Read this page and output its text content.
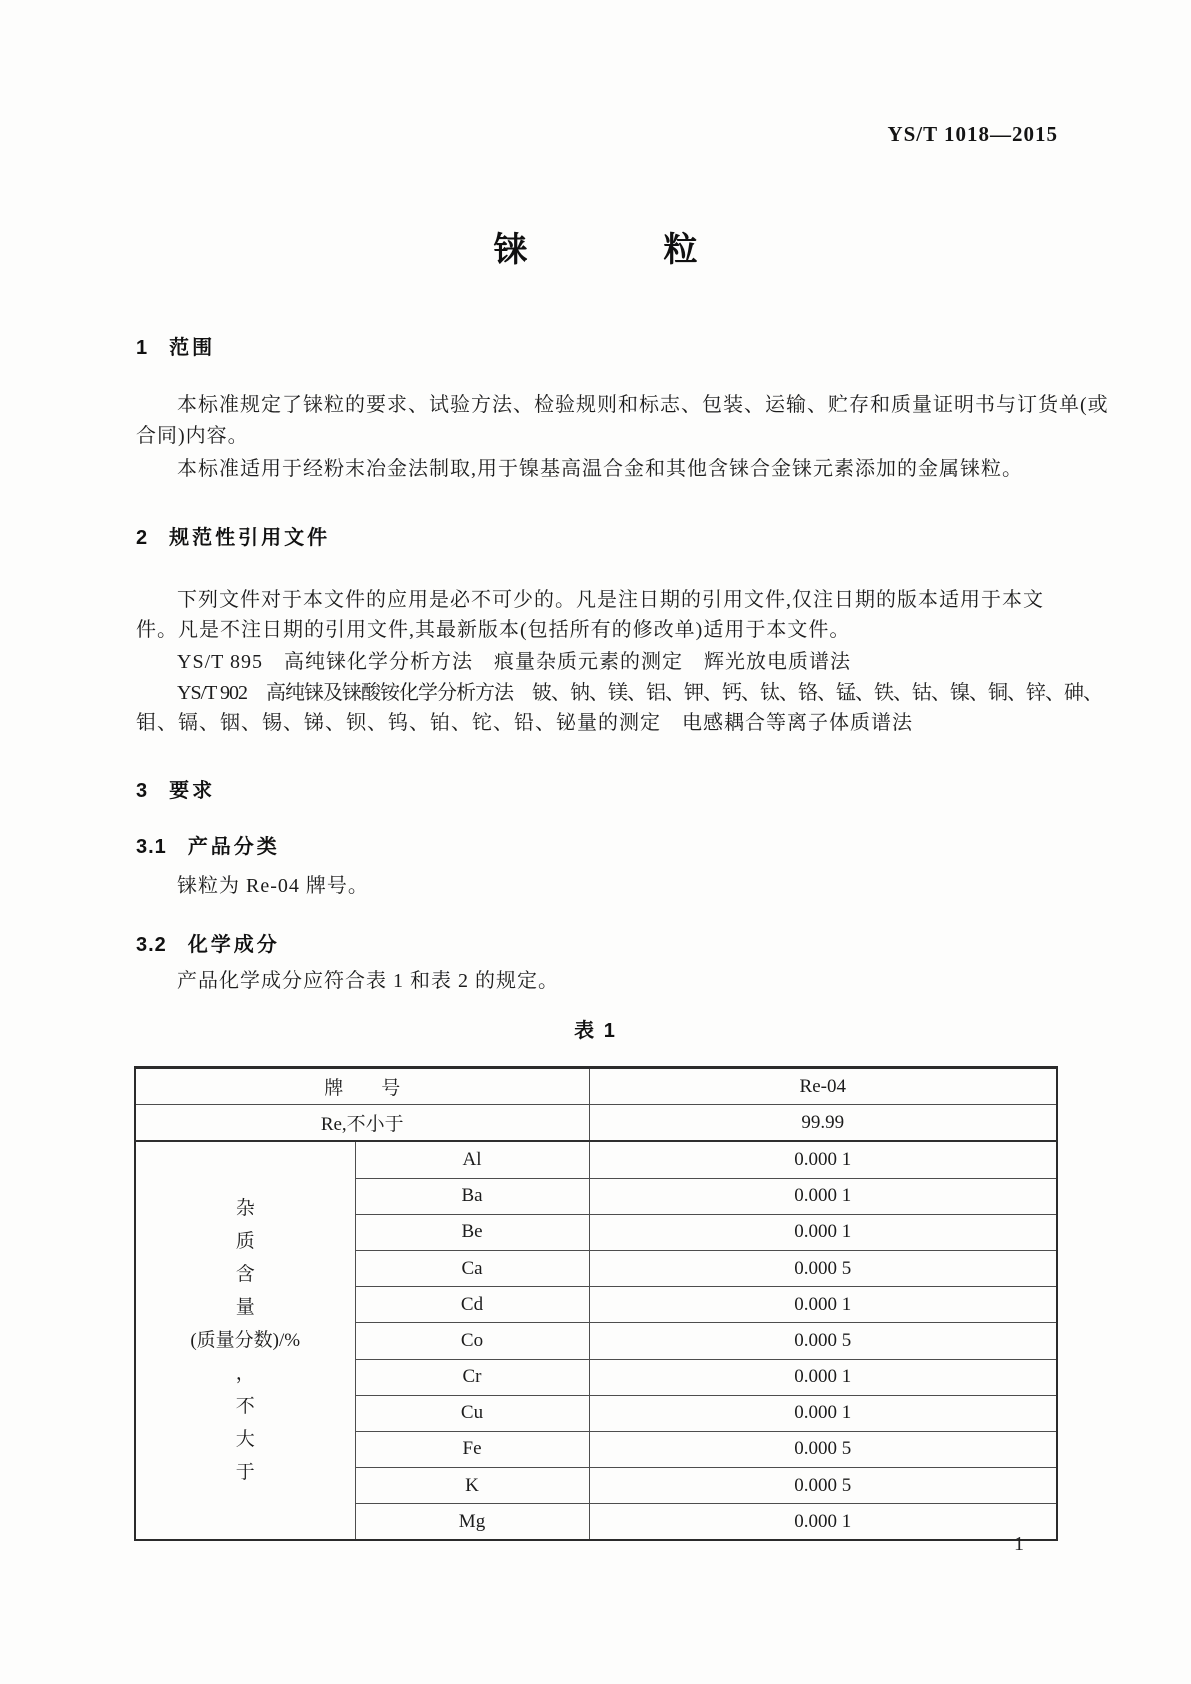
YS/T 1018—2015
铼　　　　粒
1 范围
本标准规定了铼粒的要求、试验方法、检验规则和标志、包装、运输、贮存和质量证明书与订货单(或
合同)内容。
本标准适用于经粉末冶金法制取,用于镍基高温合金和其他含铼合金铼元素添加的金属铼粒。
2 规范性引用文件
下列文件对于本文件的应用是必不可少的。凡是注日期的引用文件,仅注日期的版本适用于本文
件。凡是不注日期的引用文件,其最新版本(包括所有的修改单)适用于本文件。
YS/T 895　高纯铼化学分析方法　痕量杂质元素的测定　辉光放电质谱法
YS/T 902　高纯铼及铼酸铵化学分析方法　铍、钠、镁、铝、钾、钙、钛、铬、锰、铁、钴、镍、铜、锌、砷、
钼、镉、铟、锡、锑、钡、钨、铂、铊、铅、铋量的测定　电感耦合等离子体质谱法
3 要求
3.1 产品分类
铼粒为 Re-04 牌号。
3.2 化学成分
产品化学成分应符合表 1 和表 2 的规定。
表 1
牌　　号		Re-04
Re,不小于		99.99

杂
质
含
量
(质量分数)/%
，
不
大
于
	Al	0.000 1
	Ba	0.000 1
	Be	0.000 1
	Ca	0.000 5
	Cd	0.000 1
	Co	0.000 5
	Cr	0.000 1
	Cu	0.000 1
	Fe	0.000 5
	K	0.000 5
	Mg	0.000 1
1
